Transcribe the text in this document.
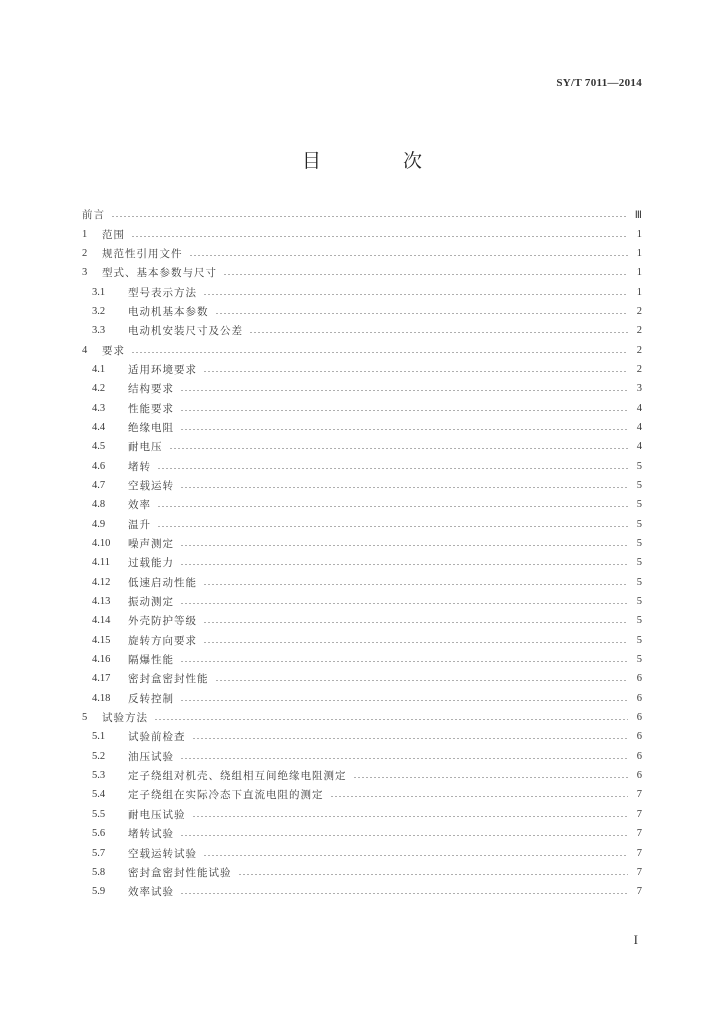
SY/T 7011—2014
目 次
前言	Ⅲ
1	范围	1
2	规范性引用文件	1
3	型式、基本参数与尺寸	1
3.1	型号表示方法	1
3.2	电动机基本参数	2
3.3	电动机安装尺寸及公差	2
4	要求	2
4.1	适用环境要求	2
4.2	结构要求	3
4.3	性能要求	4
4.4	绝缘电阻	4
4.5	耐电压	4
4.6	堵转	5
4.7	空载运转	5
4.8	效率	5
4.9	温升	5
4.10	噪声测定	5
4.11	过载能力	5
4.12	低速启动性能	5
4.13	振动测定	5
4.14	外壳防护等级	5
4.15	旋转方向要求	5
4.16	隔爆性能	5
4.17	密封盒密封性能	6
4.18	反转控制	6
5	试验方法	6
5.1	试验前检查	6
5.2	油压试验	6
5.3	定子绕组对机壳、绕组相互间绝缘电阻测定	6
5.4	定子绕组在实际冷态下直流电阻的测定	7
5.5	耐电压试验	7
5.6	堵转试验	7
5.7	空载运转试验	7
5.8	密封盒密封性能试验	7
5.9	效率试验	7
I
